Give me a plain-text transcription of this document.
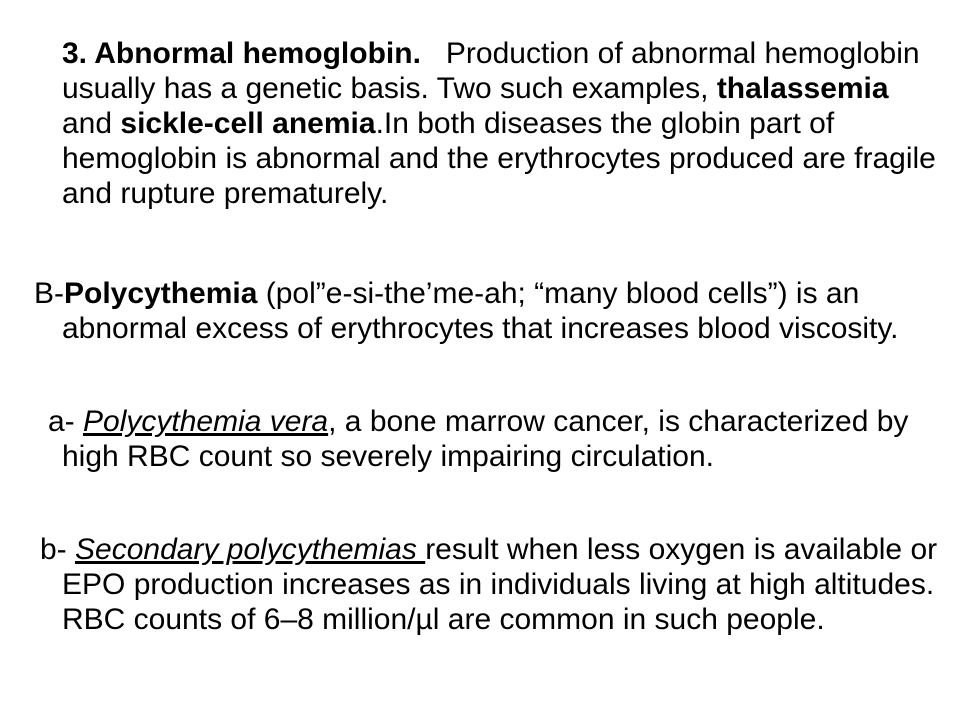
3. Abnormal hemoglobin. Production of abnormal hemoglobin usually has a genetic basis. Two such examples, thalassemia and sickle-cell anemia.In both diseases the globin part of hemoglobin is abnormal and the erythrocytes produced are fragile and rupture prematurely.

B-Polycythemia (pol”e-si-the’me-ah; “many blood cells”) is an abnormal excess of erythrocytes that increases blood viscosity.

a- Polycythemia vera, a bone marrow cancer, is characterized by high RBC count so severely impairing circulation.

b- Secondary polycythemias result when less oxygen is available or EPO production increases as in individuals living at high altitudes. RBC counts of 6–8 million/µl are common in such people.
